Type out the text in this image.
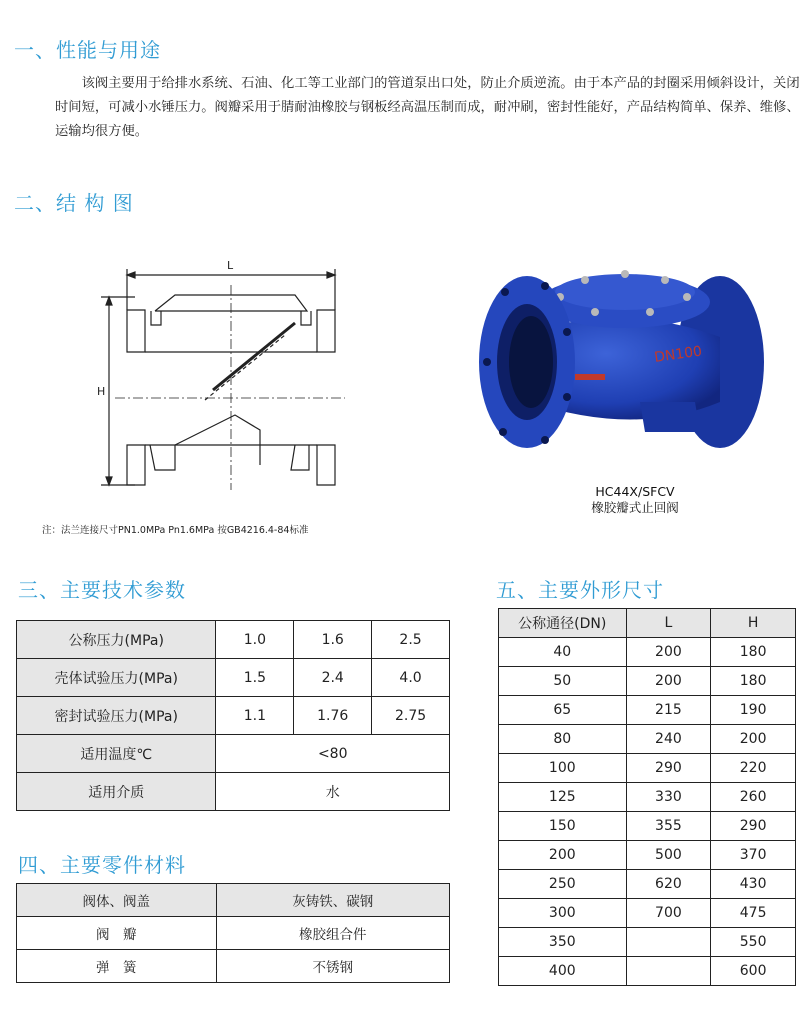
一、性能与用途

该阀主要用于给排水系统、石油、化工等工业部门的管道泵出口处，防止介质逆流。由于本产品的封圈采用倾斜设计，关闭时间短，可减小水锤压力。阀瓣采用于腈耐油橡胶与钢板经高温压制而成，耐冲刷，密封性能好，产品结构简单、保养、维修、运输均很方便。

二、结 构 图
L
H
注：法兰连接尺寸PN1.0MPa Pn1.6MPa 按GB4216.4-84标准
DN100
HC44X/SFCV
橡胶瓣式止回阀
三、主要技术参数
公称压力(MPa)	1.0	1.6	2.5
壳体试验压力(MPa)	1.5	2.4	4.0
密封试验压力(MPa)	1.1	1.76	2.75
适用温度℃	<80		
适用介质	水		
四、主要零件材料
阀体、阀盖	灰铸铁、碳钢
阀　瓣	橡胶组合件
弹　簧	不锈钢
五、主要外形尺寸
公称通径(DN)	L	H
40	200	180
50	200	180
65	215	190
80	240	200
100	290	220
125	330	260
150	355	290
200	500	370
250	620	430
300	700	475
350		550
400		600
